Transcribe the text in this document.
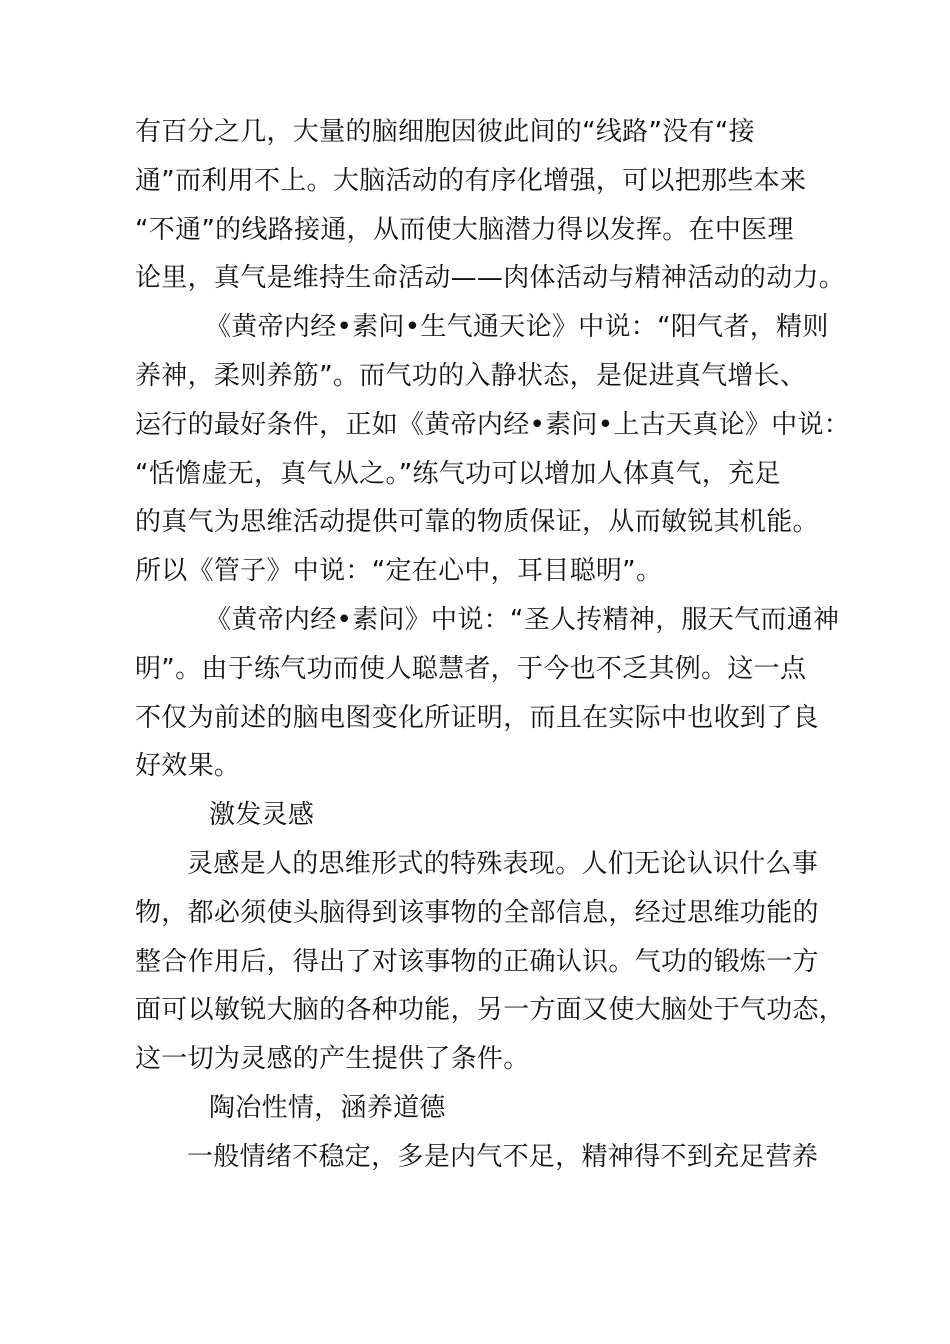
有百分之几，大量的脑细胞因彼此间的“线路”没有“接
通”而利用不上。大脑活动的有序化增强，可以把那些本来
“不通”的线路接通，从而使大脑潜力得以发挥。在中医理
论里，真气是维持生命活动——肉体活动与精神活动的动力。
《黄帝内经•素问•生气通天论》中说：“阳气者，精则
养神，柔则养筋”。而气功的入静状态，是促进真气增长、
运行的最好条件，正如《黄帝内经•素问•上古天真论》中说：
“恬憺虚无，真气从之。”练气功可以增加人体真气，充足
的真气为思维活动提供可靠的物质保证，从而敏锐其机能。
所以《管子》中说：“定在心中，耳目聪明”。
《黄帝内经•素问》中说：“圣人抟精神，服天气而通神
明”。由于练气功而使人聪慧者，于今也不乏其例。这一点
不仅为前述的脑电图变化所证明，而且在实际中也收到了良
好效果。
激发灵感
灵感是人的思维形式的特殊表现。人们无论认识什么事
物，都必须使头脑得到该事物的全部信息，经过思维功能的
整合作用后，得出了对该事物的正确认识。气功的锻炼一方
面可以敏锐大脑的各种功能，另一方面又使大脑处于气功态，
这一切为灵感的产生提供了条件。
陶冶性情，涵养道德
一般情绪不稳定，多是内气不足，精神得不到充足营养
